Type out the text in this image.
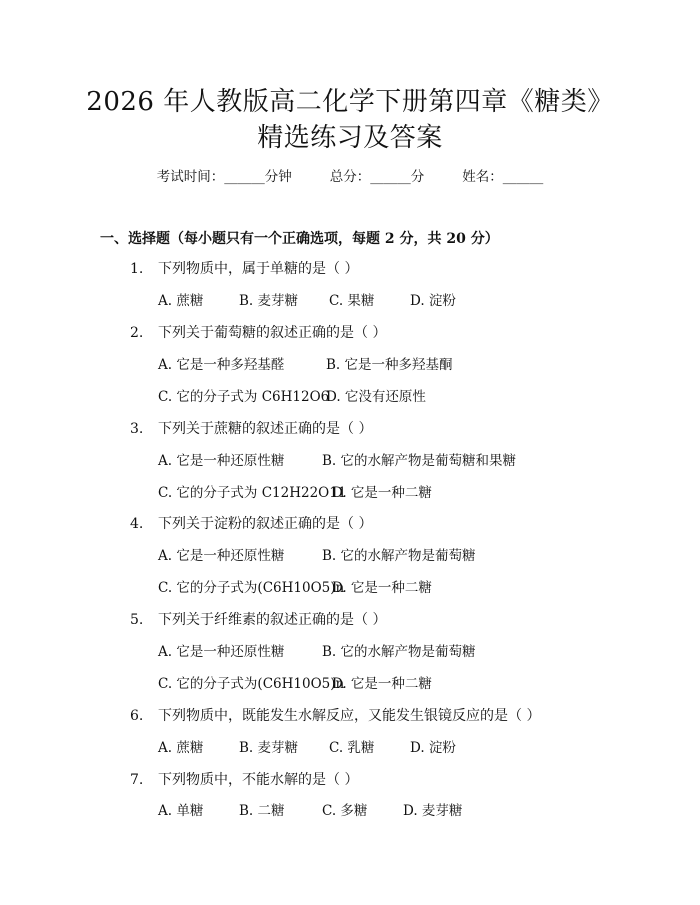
2026 年人教版高二化学下册第四章《糖类》
精选练习及答案
考试时间：______分钟	总分：______分	姓名：______
一、选择题（每小题只有一个正确选项，每题 2 分，共 20 分）
1. 下列物质中，属于单糖的是（ ）
A. 蔗糖	B. 麦芽糖 C. 果糖	D. 淀粉
2. 下列关于葡萄糖的叙述正确的是（ ）
A. 它是一种多羟基醛	B. 它是一种多羟基酮
C. 它的分子式为 C6H12O6D. 它没有还原性
3. 下列关于蔗糖的叙述正确的是（ ）
A. 它是一种还原性糖	B. 它的水解产物是葡萄糖和果糖
C. 它的分子式为 C12H22O11D. 它是一种二糖
4. 下列关于淀粉的叙述正确的是（ ）
A. 它是一种还原性糖	B. 它的水解产物是葡萄糖
C. 它的分子式为(C6H10O5)nD. 它是一种二糖
5. 下列关于纤维素的叙述正确的是（ ）
A. 它是一种还原性糖	B. 它的水解产物是葡萄糖
C. 它的分子式为(C6H10O5)nD. 它是一种二糖
6. 下列物质中，既能发生水解反应，又能发生银镜反应的是（ ）
A. 蔗糖	B. 麦芽糖 C. 乳糖	D. 淀粉
7. 下列物质中，不能水解的是（ ）
A. 单糖	B. 二糖	C. 多糖	D. 麦芽糖
